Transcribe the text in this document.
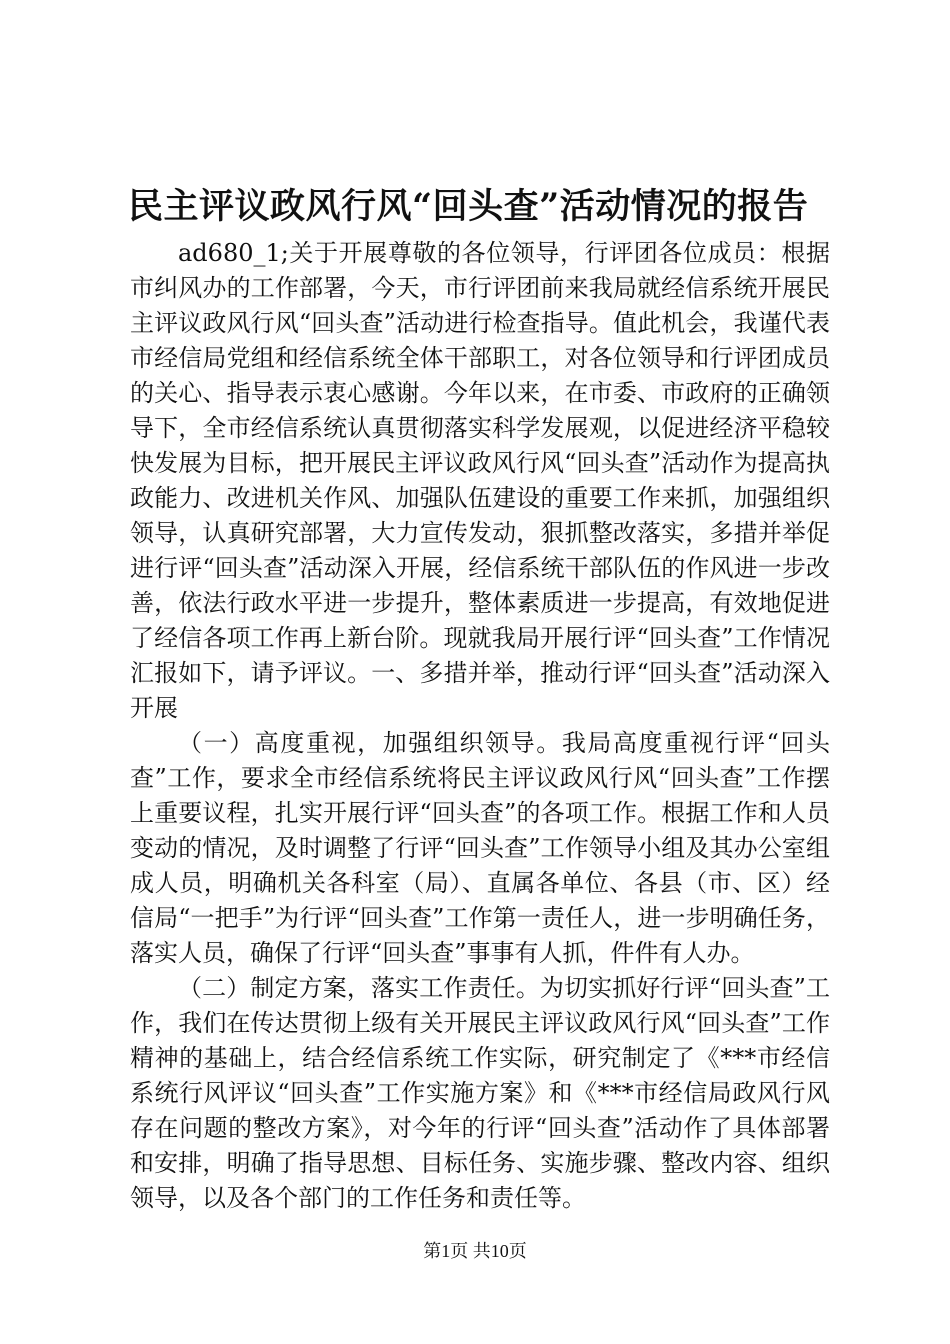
民主评议政风行风“回头查”活动情况的报告

ad680_1;关于开展尊敬的各位领导，行评团各位成员：根据市纠风办的工作部署，今天，市行评团前来我局就经信系统开展民主评议政风行风“回头查”活动进行检查指导。值此机会，我谨代表市经信局党组和经信系统全体干部职工，对各位领导和行评团成员的关心、指导表示衷心感谢。今年以来，在市委、市政府的正确领导下，全市经信系统认真贯彻落实科学发展观，以促进经济平稳较快发展为目标，把开展民主评议政风行风“回头查”活动作为提高执政能力、改进机关作风、加强队伍建设的重要工作来抓，加强组织领导，认真研究部署，大力宣传发动，狠抓整改落实，多措并举促进行评“回头查”活动深入开展，经信系统干部队伍的作风进一步改善，依法行政水平进一步提升，整体素质进一步提高，有效地促进了经信各项工作再上新台阶。现就我局开展行评“回头查”工作情况汇报如下，请予评议。一、多措并举，推动行评“回头查”活动深入开展

（一）高度重视，加强组织领导。我局高度重视行评“回头查”工作，要求全市经信系统将民主评议政风行风“回头查”工作摆上重要议程，扎实开展行评“回头查”的各项工作。根据工作和人员变动的情况，及时调整了行评“回头查”工作领导小组及其办公室组成人员，明确机关各科室（局）、直属各单位、各县（市、区）经信局“一把手”为行评“回头查”工作第一责任人，进一步明确任务，落实人员，确保了行评“回头查”事事有人抓，件件有人办。

（二）制定方案，落实工作责任。为切实抓好行评“回头查”工作，我们在传达贯彻上级有关开展民主评议政风行风“回头查”工作精神的基础上，结合经信系统工作实际，研究制定了《***市经信系统行风评议“回头查”工作实施方案》和《***市经信局政风行风存在问题的整改方案》，对今年的行评“回头查”活动作了具体部署和安排，明确了指导思想、目标任务、实施步骤、整改内容、组织领导，以及各个部门的工作任务和责任等。

第1页 共10页
